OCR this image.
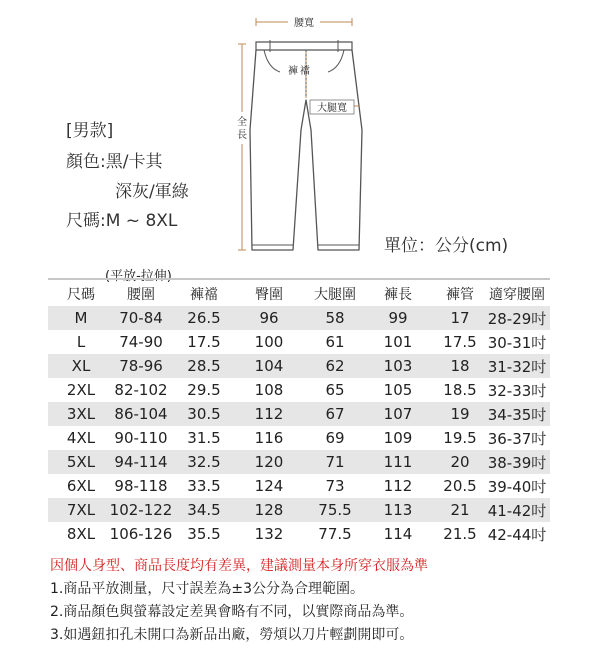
[男款]
顏色:黑/卡其
深灰/軍綠
尺碼:M ~ 8XL
單位：公分(cm)
腰寬
褲 襠
大腿寬
全
長
(平放-拉伸)
尺碼	腰圍	褲襠	臀圍	大腿圍	褲長	褲管	適穿腰圍
M	70-84	26.5	96	58	99	17	28-29吋
L	74-90	17.5	100	61	101	17.5 30-31吋
XL	78-96	28.5	104	62	103	18	31-32吋
2XL	82-102	29.5	108	65	105	18.5 32-33吋
3XL	86-104	30.5	112	67	107	19	34-35吋
4XL	90-110	31.5	116	69	109	19.5 36-37吋
5XL	94-114	32.5	120	71	111	20	38-39吋
6XL	98-118	33.5	124	73	112	20.5 39-40吋
7XL 102-122 34.5	128	75.5	113	21	41-42吋
8XL 106-126 35.5	132	77.5	114	21.5 42-44吋
因個人身型、商品長度均有差異，建議測量本身所穿衣服為準
1.商品平放測量，尺寸誤差為±3公分為合理範圍。
2.商品顏色與螢幕設定差異會略有不同，以實際商品為準。
3.如遇鈕扣孔未開口為新品出廠，勞煩以刀片輕劃開即可。
